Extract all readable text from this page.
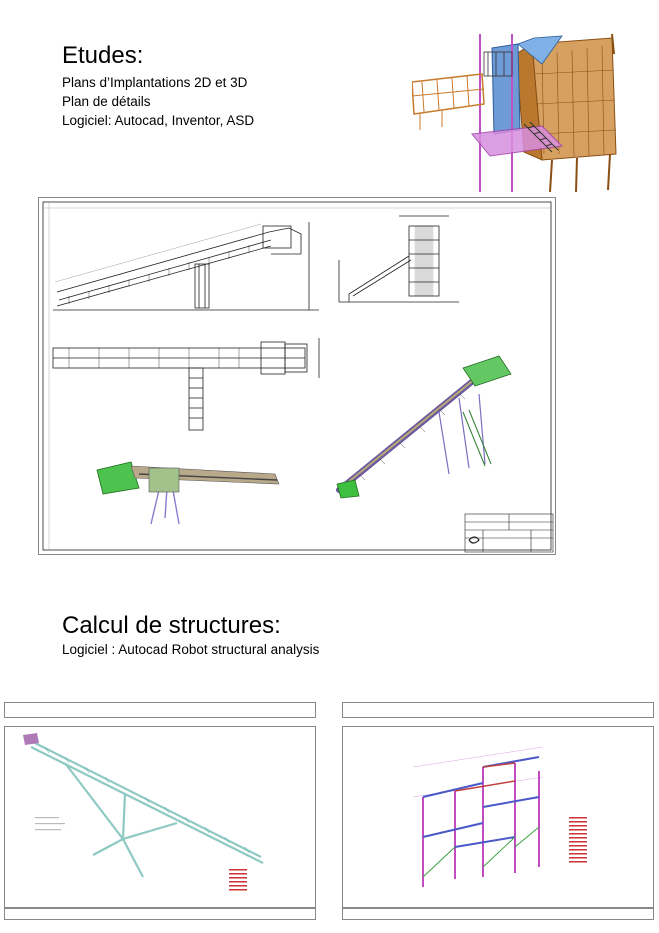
Etudes:
Plans d’Implantations 2D et 3D
Plan de détails
Logiciel: Autocad, Inventor, ASD
Calcul de structures:
Logiciel : Autocad Robot structural analysis
